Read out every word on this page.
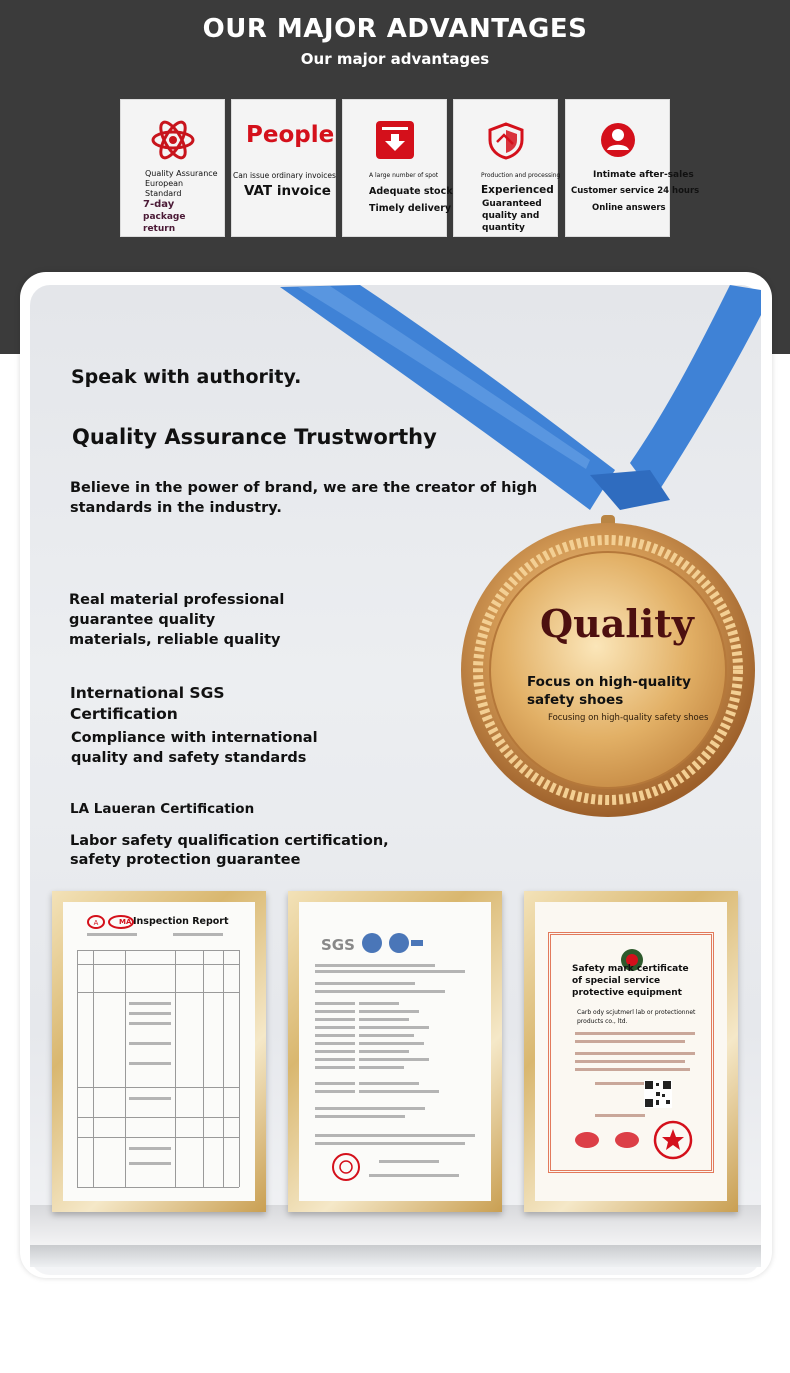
OUR MAJOR ADVANTAGES
Our major advantages
Quality Assurance
European
Standard
7-day
package
return
People
Can issue ordinary invoices
VAT invoice
A large number of spot
Adequate stock
Timely delivery
Production and processing
Experienced
Guaranteed
quality and
quantity
Intimate after-sales
Customer service 24 hours
Online answers
Quality
Focus on high-quality
safety shoes
Focusing on high-quality safety shoes
Speak with authority.
Quality Assurance Trustworthy
Believe in the power of brand, we are the creator of high
standards in the industry.
Real material professional
guarantee quality
materials, reliable quality
International SGS
Certification
Compliance with international
quality and safety standards
LA Laueran Certification
Labor safety qualification certification,
safety protection guarantee
A	MA Inspection Report
SGS
Safety mark certificate
of special service
protective equipment
Carb ody scjutmerl lab or protectionnet
products co., ltd.
